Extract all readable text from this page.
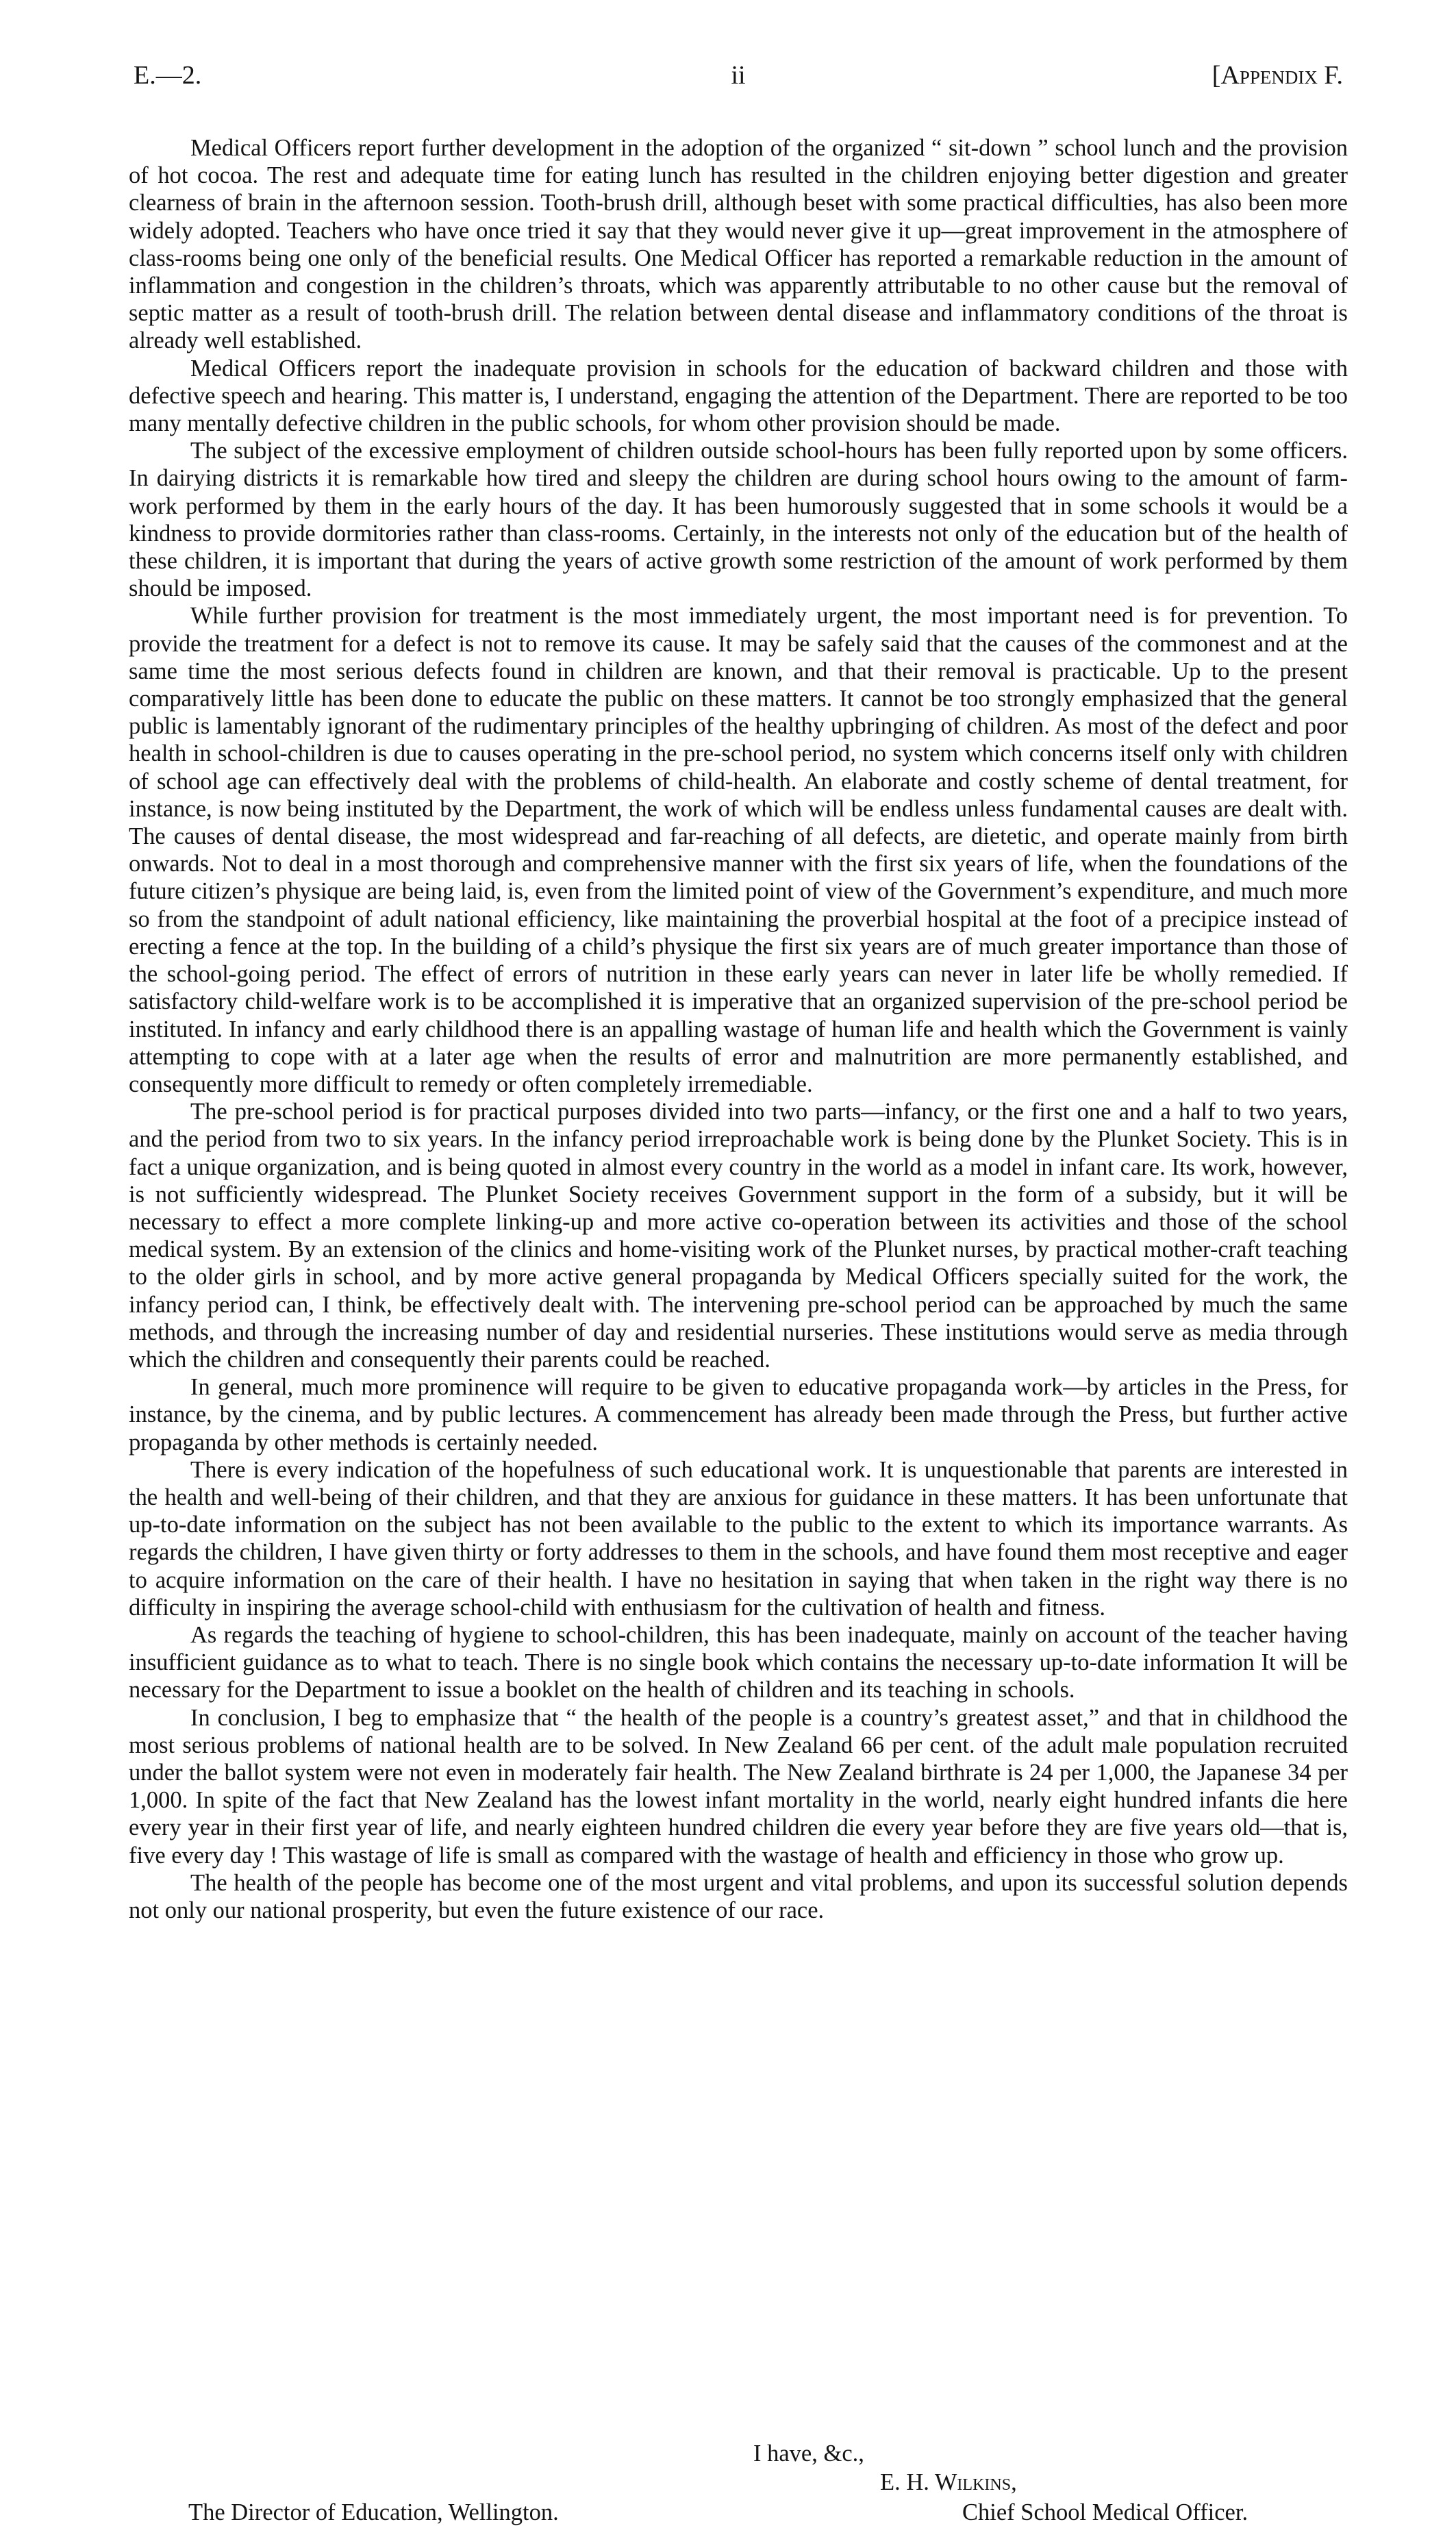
E.—2.	ii	[Appendix F.

Medical Officers report further development in the adoption of the organized “ sit-down ” school lunch and the provision of hot cocoa. The rest and adequate time for eating lunch has resulted in the children enjoying better digestion and greater clearness of brain in the afternoon session. Tooth-brush drill, although beset with some practical difficulties, has also been more widely adopted. Teachers who have once tried it say that they would never give it up—great improvement in the atmosphere of class-rooms being one only of the beneficial results. One Medical Officer has reported a remarkable reduction in the amount of inflammation and congestion in the children’s throats, which was apparently attributable to no other cause but the removal of septic matter as a result of tooth-brush drill. The relation between dental disease and inflammatory conditions of the throat is already well established.

Medical Officers report the inadequate provision in schools for the education of backward children and those with defective speech and hearing. This matter is, I understand, engaging the attention of the Department. There are reported to be too many mentally defective children in the public schools, for whom other provision should be made.

The subject of the excessive employment of children outside school-hours has been fully reported upon by some officers. In dairying districts it is remarkable how tired and sleepy the children are during school hours owing to the amount of farm-work performed by them in the early hours of the day. It has been humorously suggested that in some schools it would be a kindness to provide dormitories rather than class-rooms. Certainly, in the interests not only of the education but of the health of these children, it is important that during the years of active growth some restriction of the amount of work performed by them should be imposed.

While further provision for treatment is the most immediately urgent, the most important need is for prevention. To provide the treatment for a defect is not to remove its cause. It may be safely said that the causes of the commonest and at the same time the most serious defects found in children are known, and that their removal is practicable. Up to the present comparatively little has been done to educate the public on these matters. It cannot be too strongly emphasized that the general public is lamentably ignorant of the rudimentary principles of the healthy upbringing of children. As most of the defect and poor health in school-children is due to causes operating in the pre-school period, no system which concerns itself only with children of school age can effectively deal with the problems of child-health. An elaborate and costly scheme of dental treatment, for instance, is now being instituted by the Department, the work of which will be endless unless fundamental causes are dealt with. The causes of dental disease, the most widespread and far-reaching of all defects, are dietetic, and operate mainly from birth onwards. Not to deal in a most thorough and comprehensive manner with the first six years of life, when the foundations of the future citizen’s physique are being laid, is, even from the limited point of view of the Government’s expenditure, and much more so from the standpoint of adult national efficiency, like maintaining the proverbial hospital at the foot of a precipice instead of erecting a fence at the top. In the building of a child’s physique the first six years are of much greater importance than those of the school-going period. The effect of errors of nutrition in these early years can never in later life be wholly remedied. If satisfactory child-welfare work is to be accomplished it is imperative that an organized supervision of the pre-school period be instituted. In infancy and early childhood there is an appalling wastage of human life and health which the Government is vainly attempting to cope with at a later age when the results of error and malnutrition are more permanently established, and consequently more difficult to remedy or often completely irremediable.

The pre-school period is for practical purposes divided into two parts—infancy, or the first one and a half to two years, and the period from two to six years. In the infancy period irreproachable work is being done by the Plunket Society. This is in fact a unique organization, and is being quoted in almost every country in the world as a model in infant care. Its work, however, is not sufficiently widespread. The Plunket Society receives Government support in the form of a subsidy, but it will be necessary to effect a more complete linking-up and more active co-operation between its activities and those of the school medical system. By an extension of the clinics and home-visiting work of the Plunket nurses, by practical mother-craft teaching to the older girls in school, and by more active general propaganda by Medical Officers specially suited for the work, the infancy period can, I think, be effectively dealt with. The intervening pre-school period can be approached by much the same methods, and through the increasing number of day and residential nurseries. These institutions would serve as media through which the children and consequently their parents could be reached.

In general, much more prominence will require to be given to educative propaganda work—by articles in the Press, for instance, by the cinema, and by public lectures. A commencement has already been made through the Press, but further active propaganda by other methods is certainly needed.

There is every indication of the hopefulness of such educational work. It is unquestionable that parents are interested in the health and well-being of their children, and that they are anxious for guidance in these matters. It has been unfortunate that up-to-date information on the subject has not been available to the public to the extent to which its importance warrants. As regards the children, I have given thirty or forty addresses to them in the schools, and have found them most receptive and eager to acquire information on the care of their health. I have no hesitation in saying that when taken in the right way there is no difficulty in inspiring the average school-child with enthusiasm for the cultivation of health and fitness.

As regards the teaching of hygiene to school-children, this has been inadequate, mainly on account of the teacher having insufficient guidance as to what to teach. There is no single book which contains the necessary up-to-date information It will be necessary for the Department to issue a booklet on the health of children and its teaching in schools.

In conclusion, I beg to emphasize that “ the health of the people is a country’s greatest asset,” and that in childhood the most serious problems of national health are to be solved. In New Zealand 66 per cent. of the adult male population recruited under the ballot system were not even in moderately fair health. The New Zealand birthrate is 24 per 1,000, the Japanese 34 per 1,000. In spite of the fact that New Zealand has the lowest infant mortality in the world, nearly eight hundred infants die here every year in their first year of life, and nearly eighteen hundred children die every year before they are five years old—that is, five every day ! This wastage of life is small as compared with the wastage of health and efficiency in those who grow up.

The health of the people has become one of the most urgent and vital problems, and upon its successful solution depends not only our national prosperity, but even the future existence of our race.

I have, &c.,
E. H. Wilkins,
The Director of Education, Wellington.	Chief School Medical Officer.
